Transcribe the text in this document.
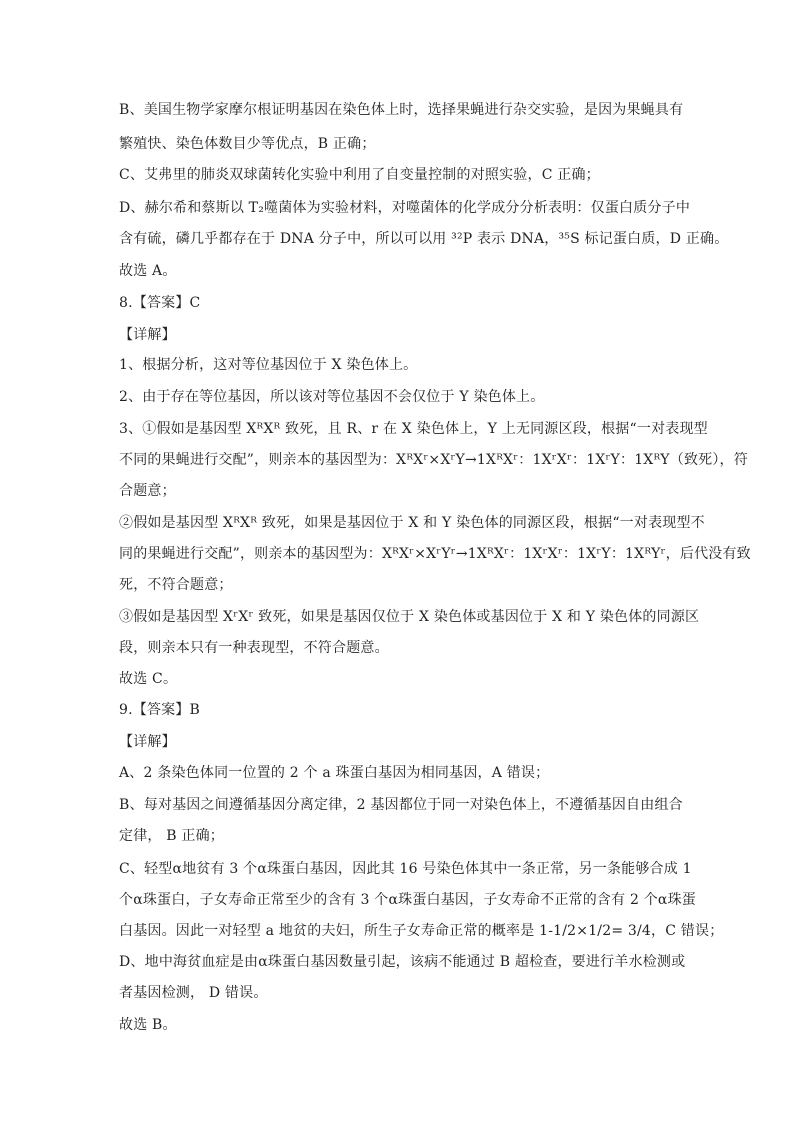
B、美国生物学家摩尔根证明基因在染色体上时，选择果蝇进行杂交实验，是因为果蝇具有
繁殖快、染色体数目少等优点，B 正确；
C、艾弗里的肺炎双球菌转化实验中利用了自变量控制的对照实验，C 正确；
D、赫尔希和蔡斯以 T₂噬菌体为实验材料，对噬菌体的化学成分分析表明：仅蛋白质分子中
含有硫，磷几乎都存在于 DNA 分子中，所以可以用 ³²P 表示 DNA，³⁵S 标记蛋白质，D 正确。
故选 A。
8.【答案】C
【详解】
1、根据分析，这对等位基因位于 X 染色体上。
2、由于存在等位基因，所以该对等位基因不会仅位于 Y 染色体上。
3、①假如是基因型 XᴿXᴿ 致死，且 R、r 在 X 染色体上，Y 上无同源区段，根据“一对表现型
不同的果蝇进行交配”，则亲本的基因型为：XᴿXʳ×XʳY→1XᴿXʳ：1XʳXʳ：1XʳY：1XᴿY（致死），符
合题意；
②假如是基因型 XᴿXᴿ 致死，如果是基因位于 X 和 Y 染色体的同源区段，根据“一对表现型不
同的果蝇进行交配”，则亲本的基因型为：XᴿXʳ×XʳYʳ→1XᴿXʳ：1XʳXʳ：1XʳY：1XᴿYʳ，后代没有致
死，不符合题意；
③假如是基因型 XʳXʳ 致死，如果是基因仅位于 X 染色体或基因位于 X 和 Y 染色体的同源区
段，则亲本只有一种表现型，不符合题意。
故选 C。
9.【答案】B
【详解】
A、2 条染色体同一位置的 2 个 a 珠蛋白基因为相同基因，A 错误；
B、每对基因之间遵循基因分离定律，2 基因都位于同一对染色体上，不遵循基因自由组合
定律， B 正确；
C、轻型α地贫有 3 个α珠蛋白基因，因此其 16 号染色体其中一条正常，另一条能够合成 1
个α珠蛋白，子女寿命正常至少的含有 3 个α珠蛋白基因，子女寿命不正常的含有 2 个α珠蛋
白基因。因此一对轻型 a 地贫的夫妇，所生子女寿命正常的概率是 1-1/2×1/2= 3/4，C 错误；
D、地中海贫血症是由α珠蛋白基因数量引起，该病不能通过 B 超检查，要进行羊水检测或
者基因检测， D 错误。
故选 B。
